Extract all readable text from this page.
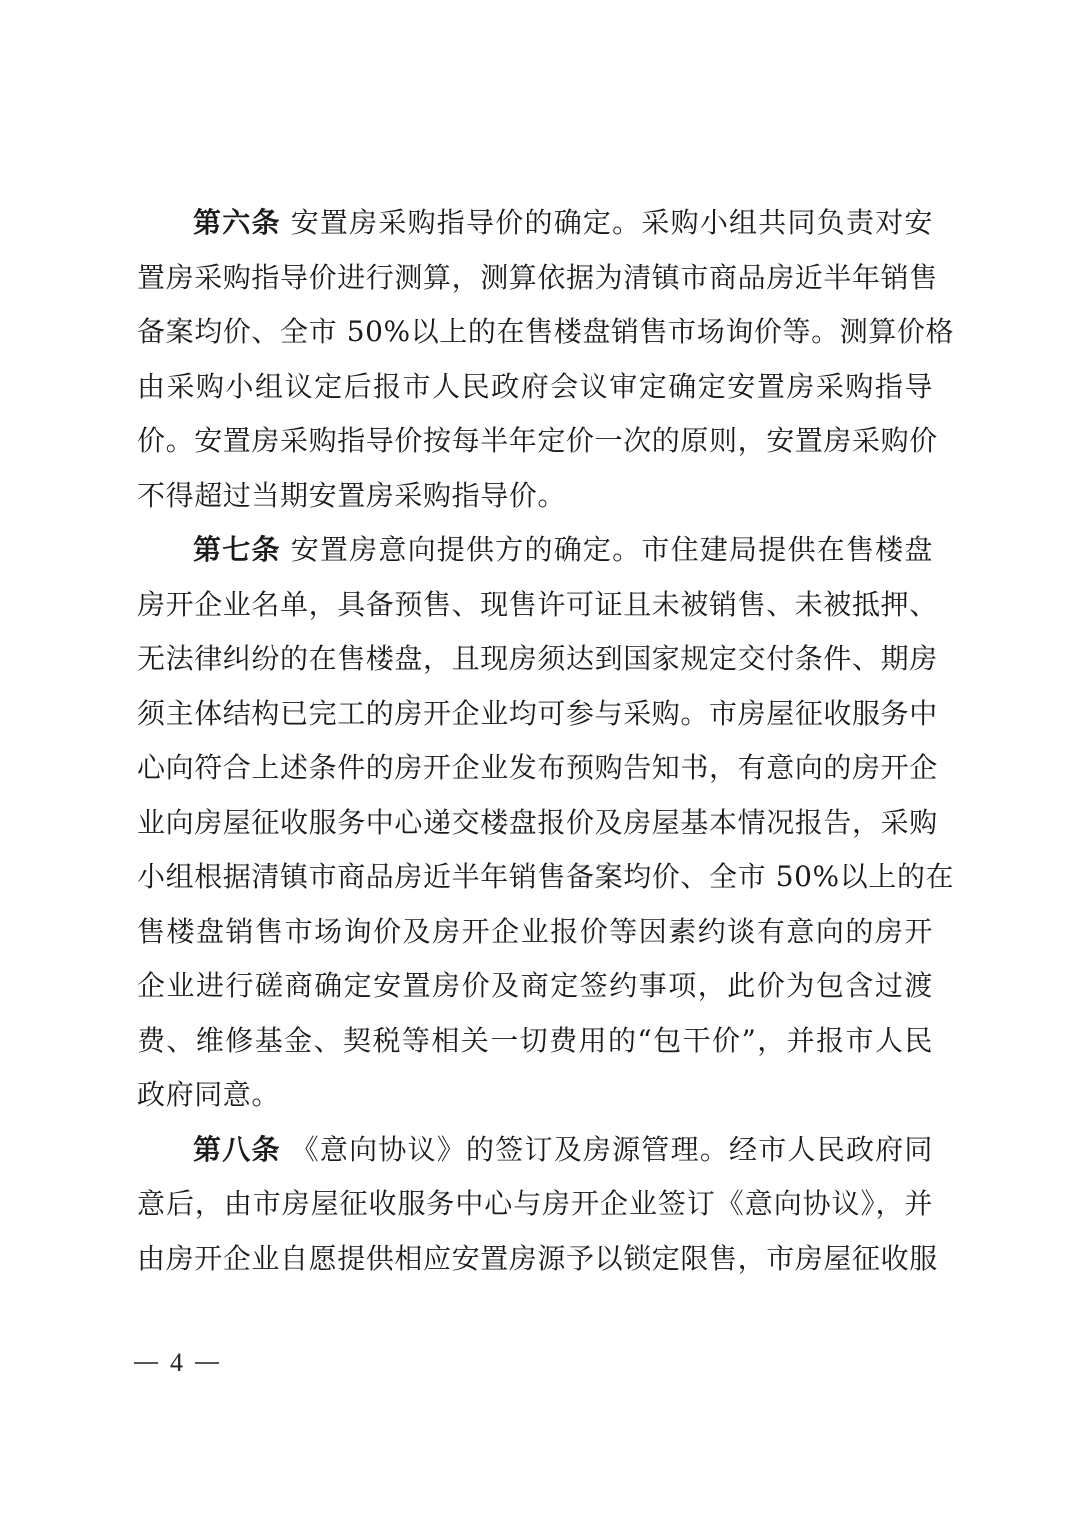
第六条 安置房采购指导价的确定。采购小组共同负责对安
置房采购指导价进行测算，测算依据为清镇市商品房近半年销售
备案均价、全市 50%以上的在售楼盘销售市场询价等。测算价格
由采购小组议定后报市人民政府会议审定确定安置房采购指导
价。安置房采购指导价按每半年定价一次的原则，安置房采购价
不得超过当期安置房采购指导价。
第七条 安置房意向提供方的确定。市住建局提供在售楼盘
房开企业名单，具备预售、现售许可证且未被销售、未被抵押、
无法律纠纷的在售楼盘，且现房须达到国家规定交付条件、期房
须主体结构已完工的房开企业均可参与采购。市房屋征收服务中
心向符合上述条件的房开企业发布预购告知书，有意向的房开企
业向房屋征收服务中心递交楼盘报价及房屋基本情况报告，采购
小组根据清镇市商品房近半年销售备案均价、全市 50%以上的在
售楼盘销售市场询价及房开企业报价等因素约谈有意向的房开
企业进行磋商确定安置房价及商定签约事项，此价为包含过渡
费、维修基金、契税等相关一切费用的“包干价”，并报市人民
政府同意。
第八条 《意向协议》的签订及房源管理。经市人民政府同
意后，由市房屋征收服务中心与房开企业签订《意向协议》，并
由房开企业自愿提供相应安置房源予以锁定限售，市房屋征收服
4
